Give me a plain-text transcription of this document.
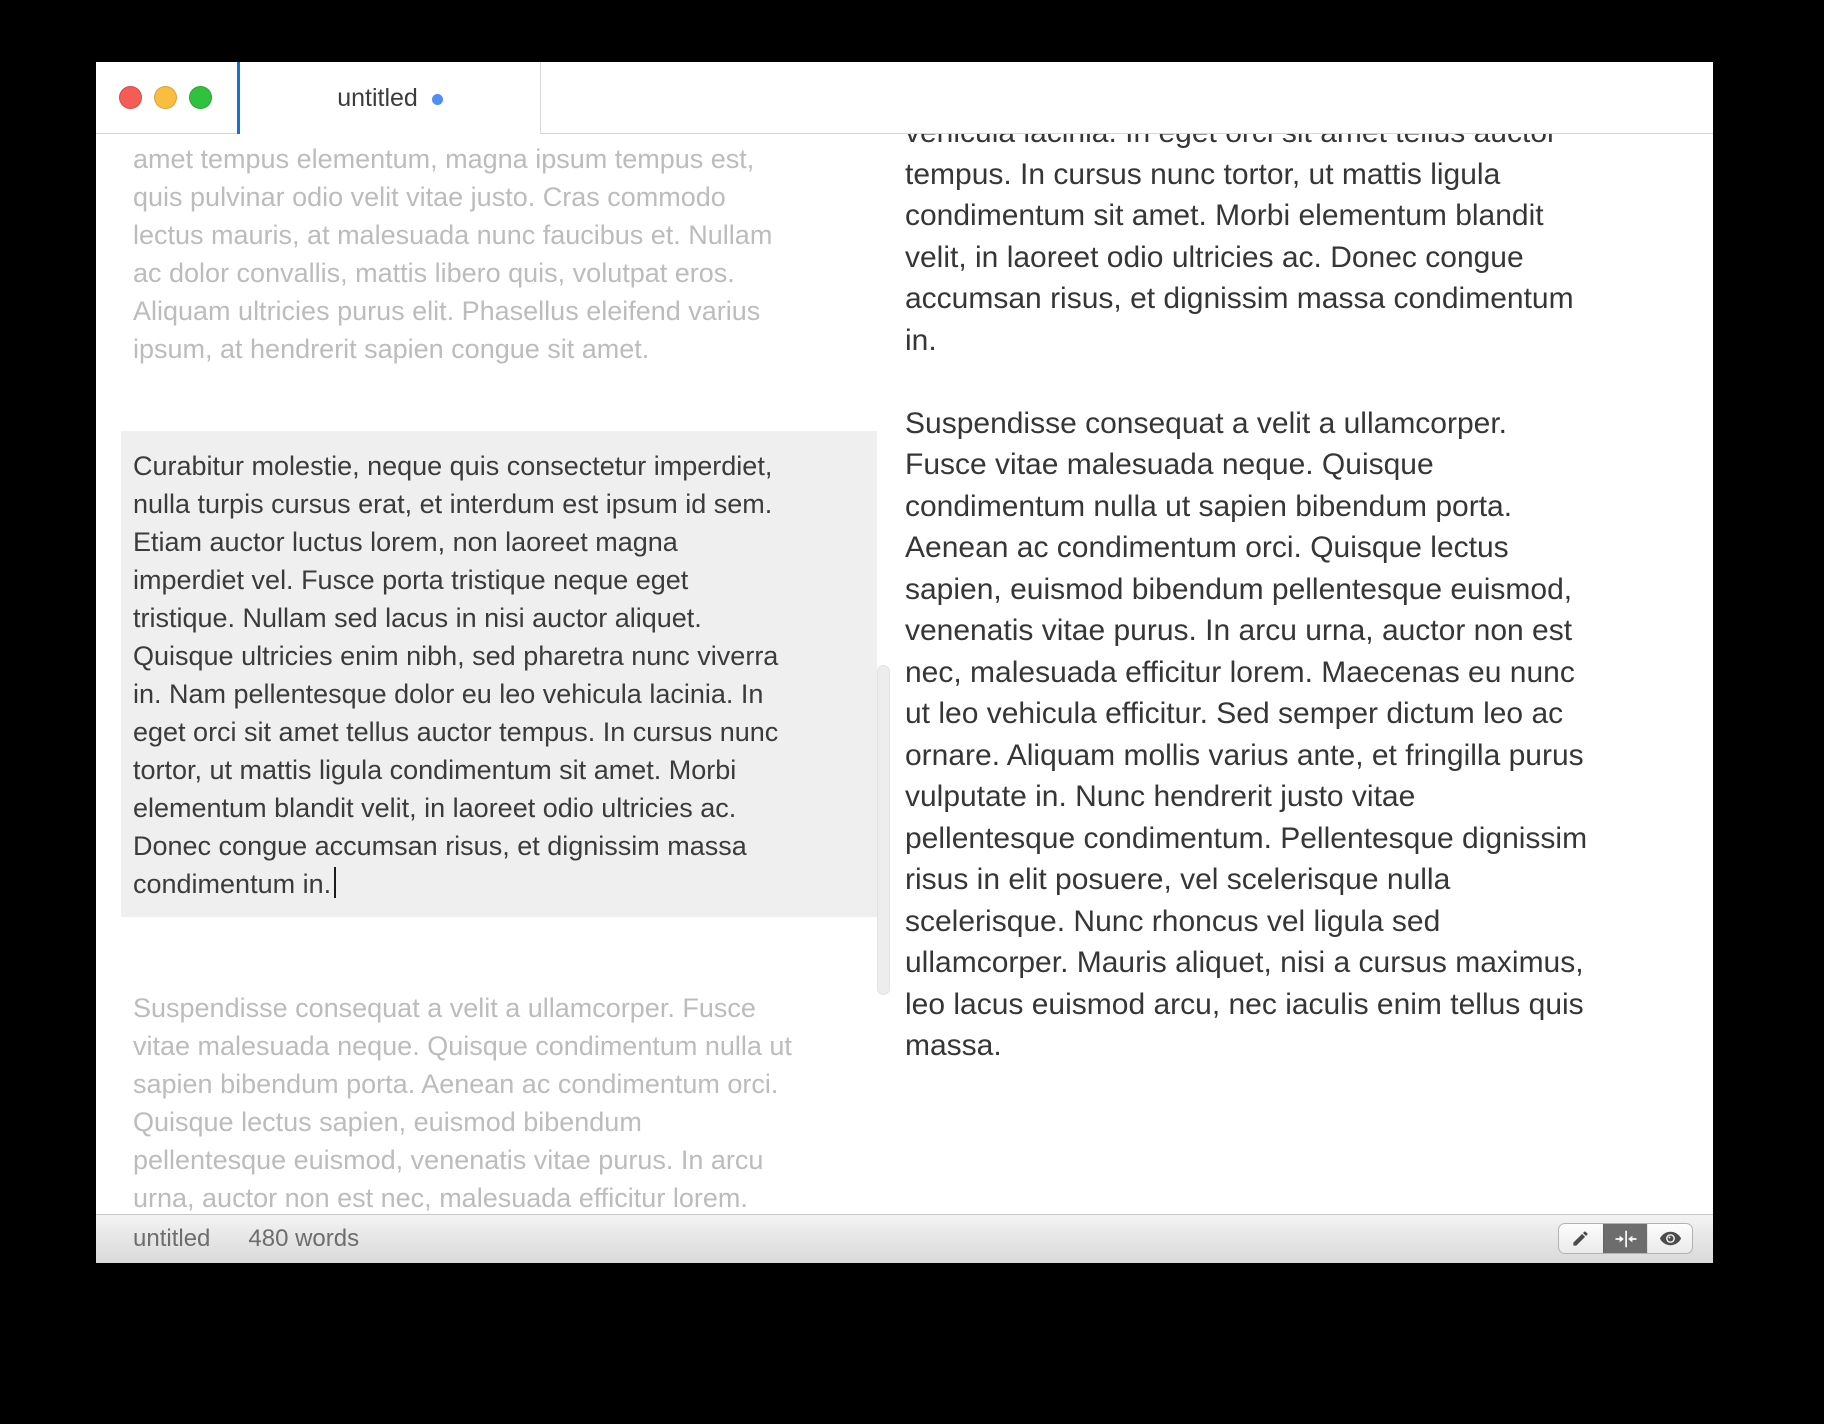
untitled
amet tempus elementum, magna ipsum tempus est,
quis pulvinar odio velit vitae justo. Cras commodo
lectus mauris, at malesuada nunc faucibus et. Nullam
ac dolor convallis, mattis libero quis, volutpat eros.
Aliquam ultricies purus elit. Phasellus eleifend varius
ipsum, at hendrerit sapien congue sit amet.
Curabitur molestie, neque quis consectetur imperdiet,
nulla turpis cursus erat, et interdum est ipsum id sem.
Etiam auctor luctus lorem, non laoreet magna
imperdiet vel. Fusce porta tristique neque eget
tristique. Nullam sed lacus in nisi auctor aliquet.
Quisque ultricies enim nibh, sed pharetra nunc viverra
in. Nam pellentesque dolor eu leo vehicula lacinia. In
eget orci sit amet tellus auctor tempus. In cursus nunc
tortor, ut mattis ligula condimentum sit amet. Morbi
elementum blandit velit, in laoreet odio ultricies ac.
Donec congue accumsan risus, et dignissim massa
condimentum in.
Suspendisse consequat a velit a ullamcorper. Fusce
vitae malesuada neque. Quisque condimentum nulla ut
sapien bibendum porta. Aenean ac condimentum orci.
Quisque lectus sapien, euismod bibendum
pellentesque euismod, venenatis vitae purus. In arcu
urna, auctor non est nec, malesuada efficitur lorem.
tempus. In cursus nunc tortor, ut mattis ligula
condimentum sit amet. Morbi elementum blandit
velit, in laoreet odio ultricies ac. Donec congue
accumsan risus, et dignissim massa condimentum
in.
Suspendisse consequat a velit a ullamcorper.
Fusce vitae malesuada neque. Quisque
condimentum nulla ut sapien bibendum porta.
Aenean ac condimentum orci. Quisque lectus
sapien, euismod bibendum pellentesque euismod,
venenatis vitae purus. In arcu urna, auctor non est
nec, malesuada efficitur lorem. Maecenas eu nunc
ut leo vehicula efficitur. Sed semper dictum leo ac
ornare. Aliquam mollis varius ante, et fringilla purus
vulputate in. Nunc hendrerit justo vitae
pellentesque condimentum. Pellentesque dignissim
risus in elit posuere, vel scelerisque nulla
scelerisque. Nunc rhoncus vel ligula sed
ullamcorper. Mauris aliquet, nisi a cursus maximus,
leo lacus euismod arcu, nec iaculis enim tellus quis
massa.
untitled 480 words
